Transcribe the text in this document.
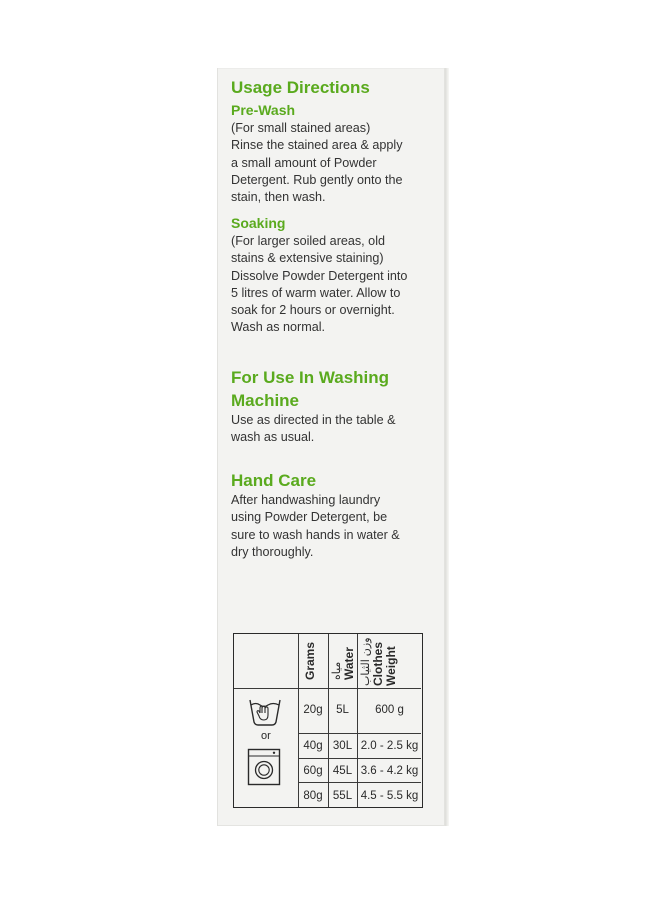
Usage Directions
Pre-Wash

(For small stained areas)
Rinse the stained area & apply
a small amount of Powder
Detergent. Rub gently onto the
stain, then wash.

Soaking

(For larger soiled areas, old
stains & extensive staining)
Dissolve Powder Detergent into
5 litres of warm water. Allow to
soak for 2 hours or overnight.
Wash as normal.

For Use In Washing
Machine

Use as directed in the table &
wash as usual.

Hand Care

After handwashing laundry
using Powder Detergent, be
sure to wash hands in water &
dry thoroughly.

Grams مياه Water وزن الثياب Clothes Weight
or
20g	5L	600 g
40g 30L 2.0 - 2.5 kg
60g 45L 3.6 - 4.2 kg
80g 55L 4.5 - 5.5 kg
